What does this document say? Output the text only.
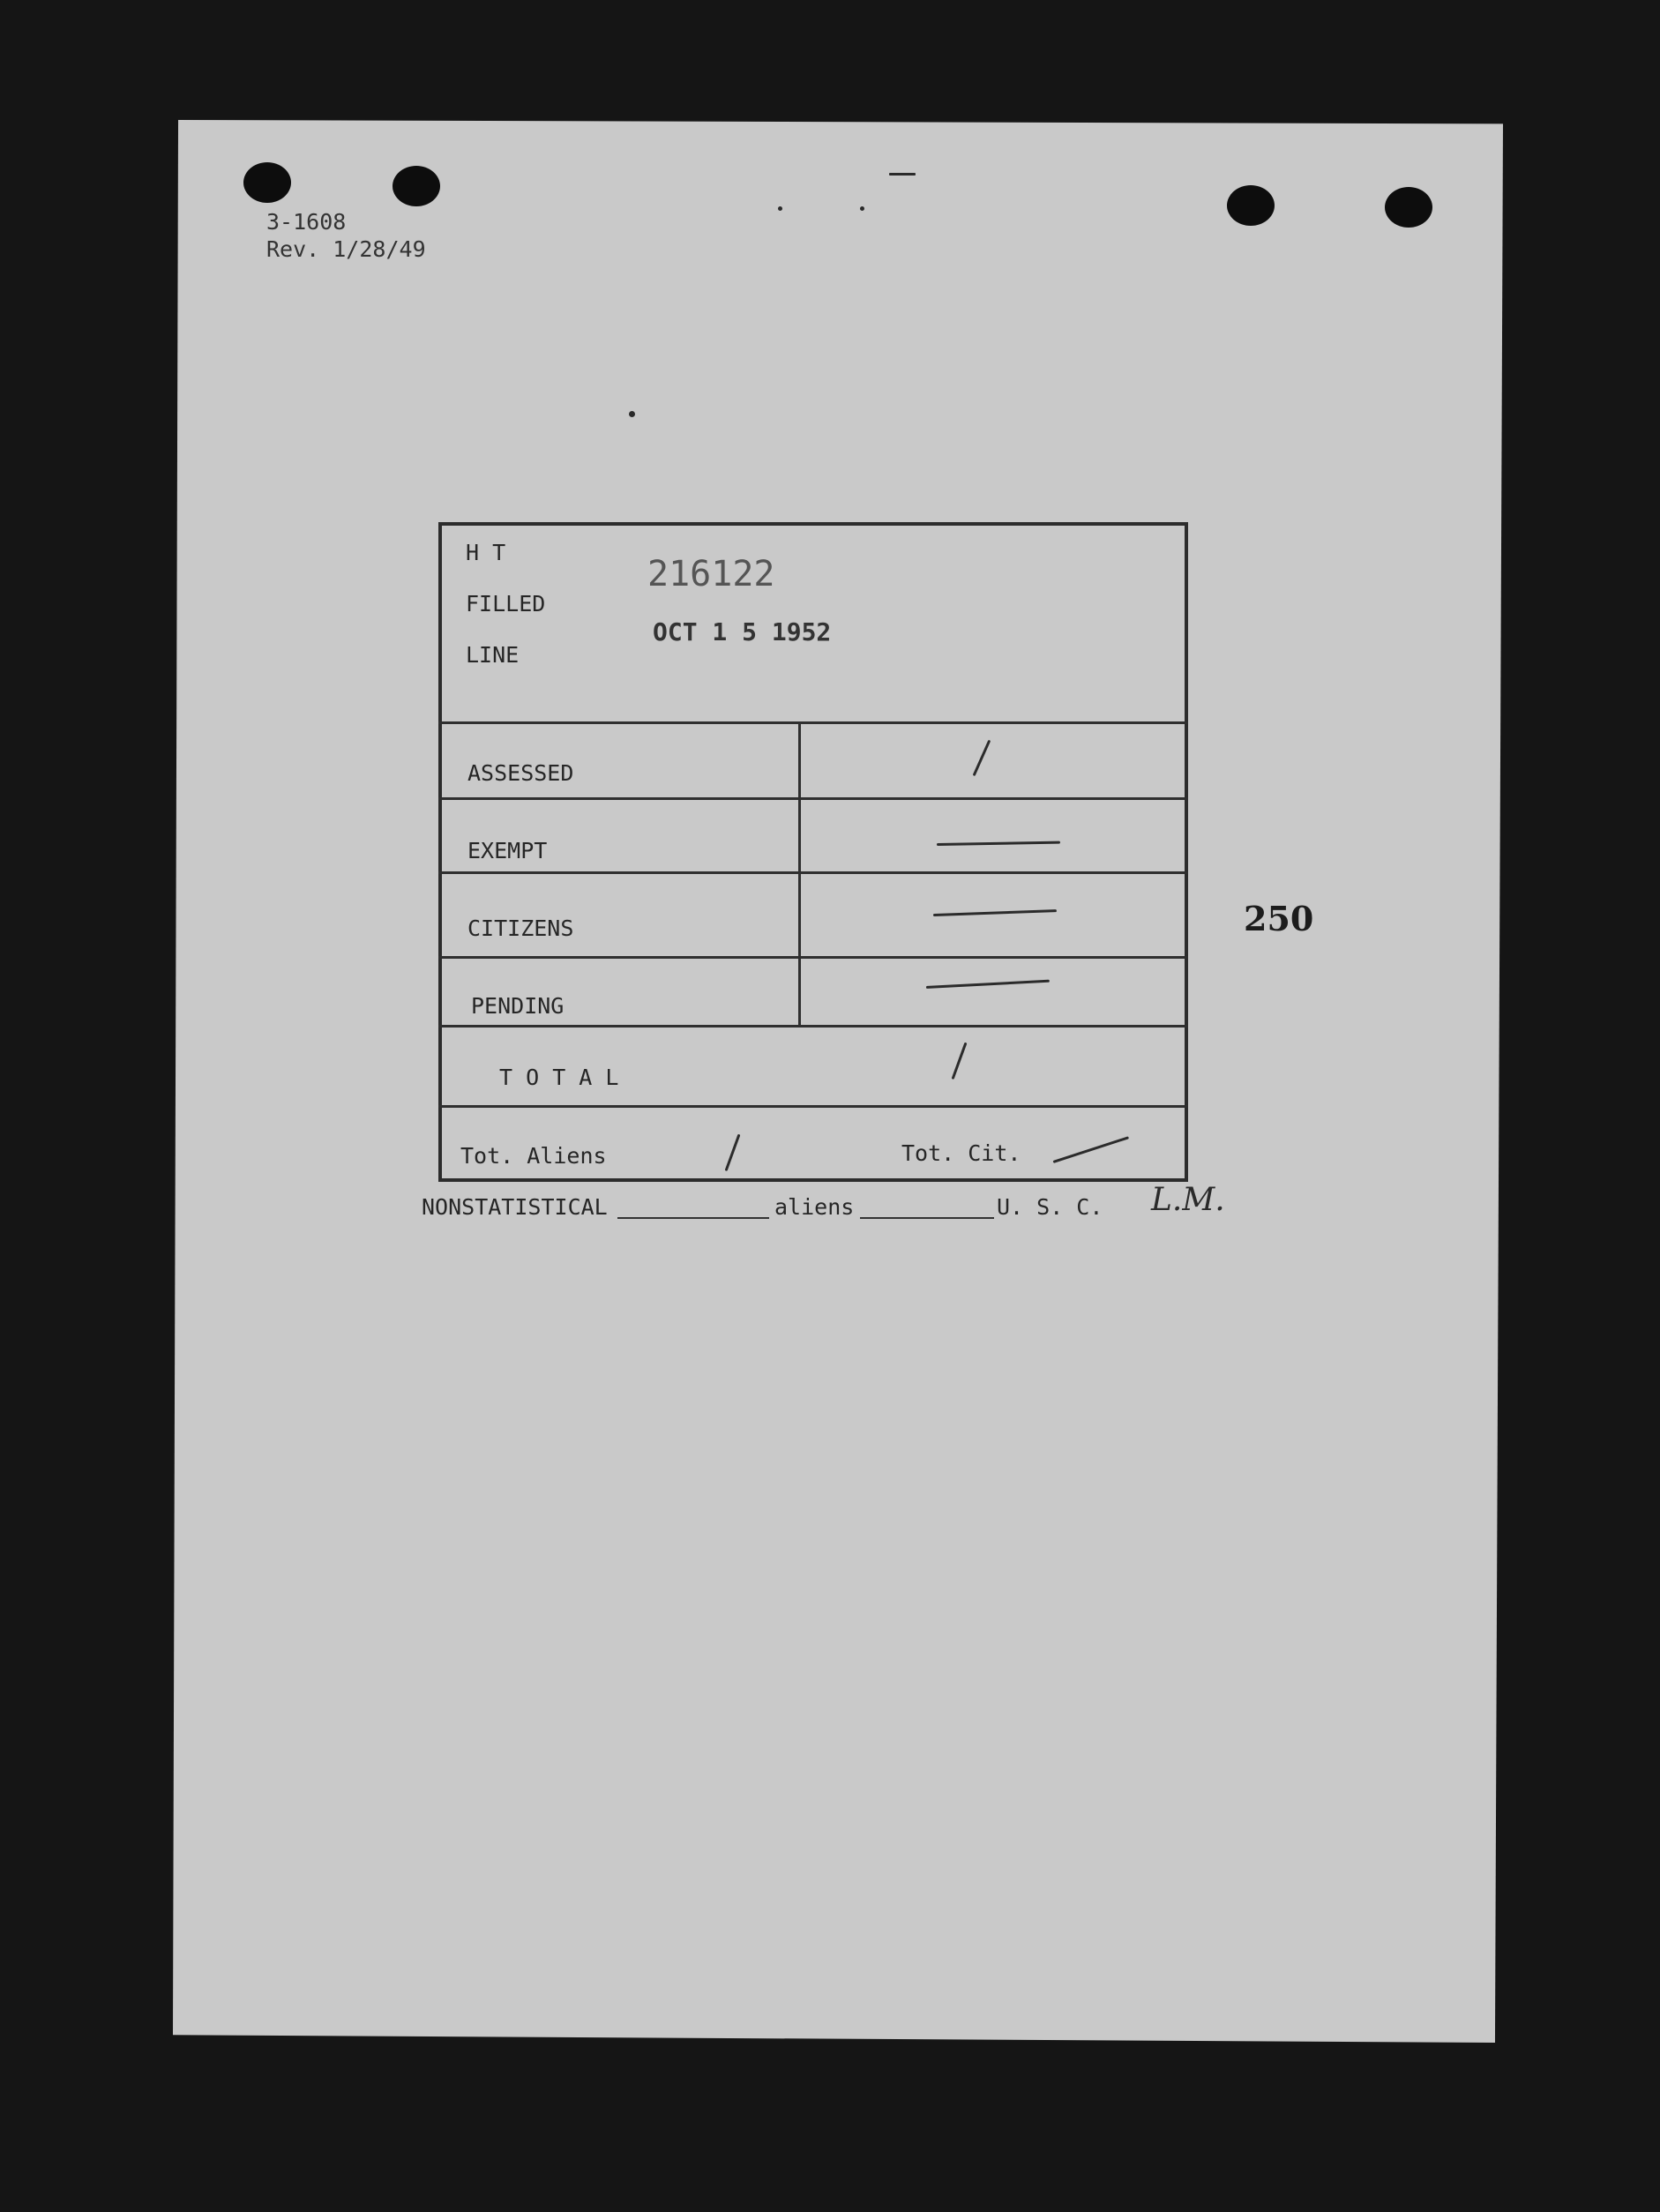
3-1608
Rev. 1/28/49
H T
FILLED
LINE
216122
OCT 1 5 1952
ASSESSED
EXEMPT
CITIZENS
PENDING
T O T A L
Tot. Aliens	Tot. Cit.
NONSTATISTICAL	aliens	U. S. C. L.M.
250
